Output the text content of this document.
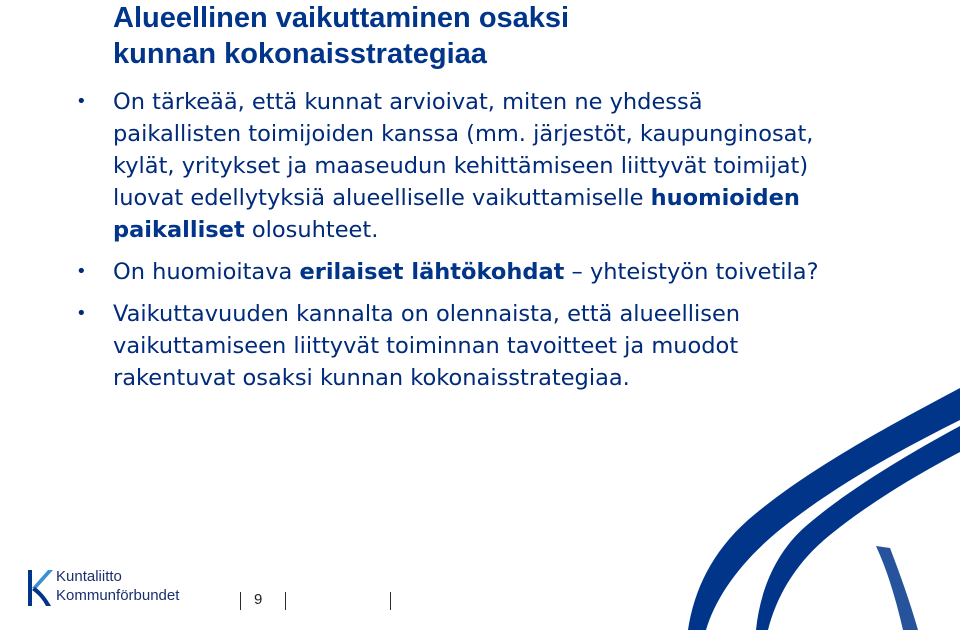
Alueellinen vaikuttaminen osaksi
kunnan kokonaisstrategiaa
• On tärkeää, että kunnat arvioivat, miten ne yhdessä paikallisten toimijoiden kanssa (mm. järjestöt, kaupunginosat, kylät, yritykset ja maaseudun kehittämiseen liittyvät toimijat) luovat edellytyksiä alueelliselle vaikuttamiselle huomioiden paikalliset olosuhteet.
• On huomioitava erilaiset lähtökohdat – yhteistyön toivetila?
• Vaikuttavuuden kannalta on olennaista, että alueellisen vaikuttamiseen liittyvät toiminnan tavoitteet ja muodot rakentuvat osaksi kunnan kokonaisstrategiaa.
Kuntaliitto
Kommunförbundet	9
